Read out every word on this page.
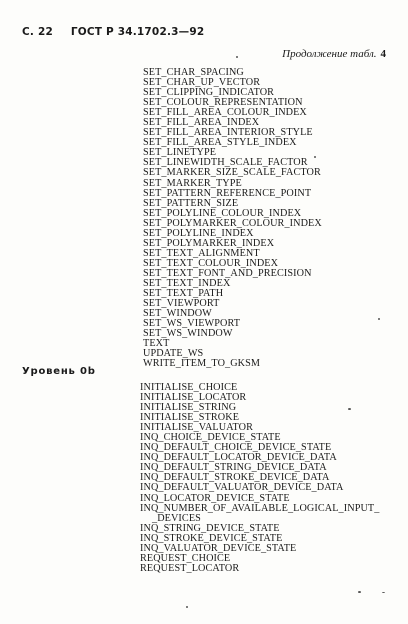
С. 22 ГОСТ Р 34.1702.3—92
Продолжение табл. 4
SET_CHAR_SPACING
SET_CHAR_UP_VECTOR
SET_CLIPPING_INDICATOR
SET_COLOUR_REPRESENTATION
SET_FILL_AREA_COLOUR_INDEX
SET_FILL_AREA_INDEX
SET_FILL_AREA_INTERIOR_STYLE
SET_FILL_AREA_STYLE_INDEX
SET_LINETYPE
SET_LINEWIDTH_SCALE_FACTOR
SET_MARKER_SIZE_SCALE_FACTOR
SET_MARKER_TYPE
SET_PATTERN_REFERENCE_POINT
SET_PATTERN_SIZE
SET_POLYLINE_COLOUR_INDEX
SET_POLYMARKER_COLOUR_INDEX
SET_POLYLINE_INDEX
SET_POLYMARKER_INDEX
SET_TEXT_ALIGNMENT
SET_TEXT_COLOUR_INDEX
SET_TEXT_FONT_AND_PRECISION
SET_TEXT_INDEX
SET_TEXT_PATH
SET_VIEWPORT
SET_WINDOW
SET_WS_VIEWPORT
SET_WS_WINDOW
TEXT
UPDATE_WS
WRITE_ITEM_TO_GKSM
Уровень 0b
INITIALISE_CHOICE
INITIALISE_LOCATOR
INITIALISE_STRING
INITIALISE_STROKE
INITIALISE_VALUATOR
INQ_CHOICE_DEVICE_STATE
INQ_DEFAULT_CHOICE_DEVICE_STATE
INQ_DEFAULT_LOCATOR_DEVICE_DATA
INQ_DEFAULT_STRING_DEVICE_DATA
INQ_DEFAULT_STROKE_DEVICE_DATA
INQ_DEFAULT_VALUATOR_DEVICE_DATA
INQ_LOCATOR_DEVICE_STATE
INQ_NUMBER_OF_AVAILABLE_LOGICAL_INPUT_
_DEVICES
INQ_STRING_DEVICE_STATE
INQ_STROKE_DEVICE_STATE
INQ_VALUATOR_DEVICE_STATE
REQUEST_CHOICE
REQUEST_LOCATOR
